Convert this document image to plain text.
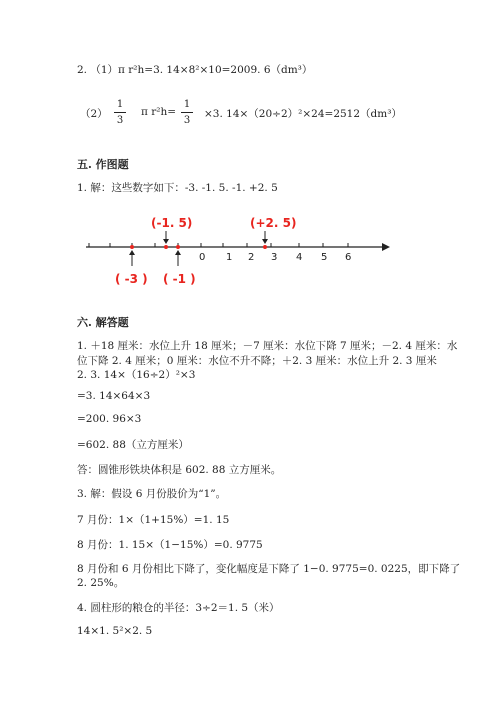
2. （1）π r²h=3. 14×8²×10=2009. 6（dm³）
（2）
1
3
π r²h=
1
3
×3. 14×（20÷2）²×24=2512（dm³）
五. 作图题
1. 解：这些数字如下：-3. -1. 5. -1. +2. 5
(-1. 5)	(+2. 5)
( -3 ) ( -1 )
0 1 2 3 4 5 6
六. 解答题
1. ＋18 厘米：水位上升 18 厘米；－7 厘米：水位下降 7 厘米；－2. 4 厘米：水
位下降 2. 4 厘米；0 厘米：水位不升不降；＋2. 3 厘米：水位上升 2. 3 厘米
2. 3. 14×（16÷2）²×3
=3. 14×64×3
=200. 96×3
=602. 88（立方厘米）
答：圆锥形铁块体积是 602. 88 立方厘米。
3. 解：假设 6 月份股价为“1”。
7 月份：1×（1+15%）=1. 15
8 月份：1. 15×（1−15%）=0. 9775
8 月份和 6 月份相比下降了，变化幅度是下降了 1−0. 9775=0. 0225，即下降了
2. 25%。
4. 圆柱形的粮仓的半径：3÷2＝1. 5（米）
14×1. 5²×2. 5
